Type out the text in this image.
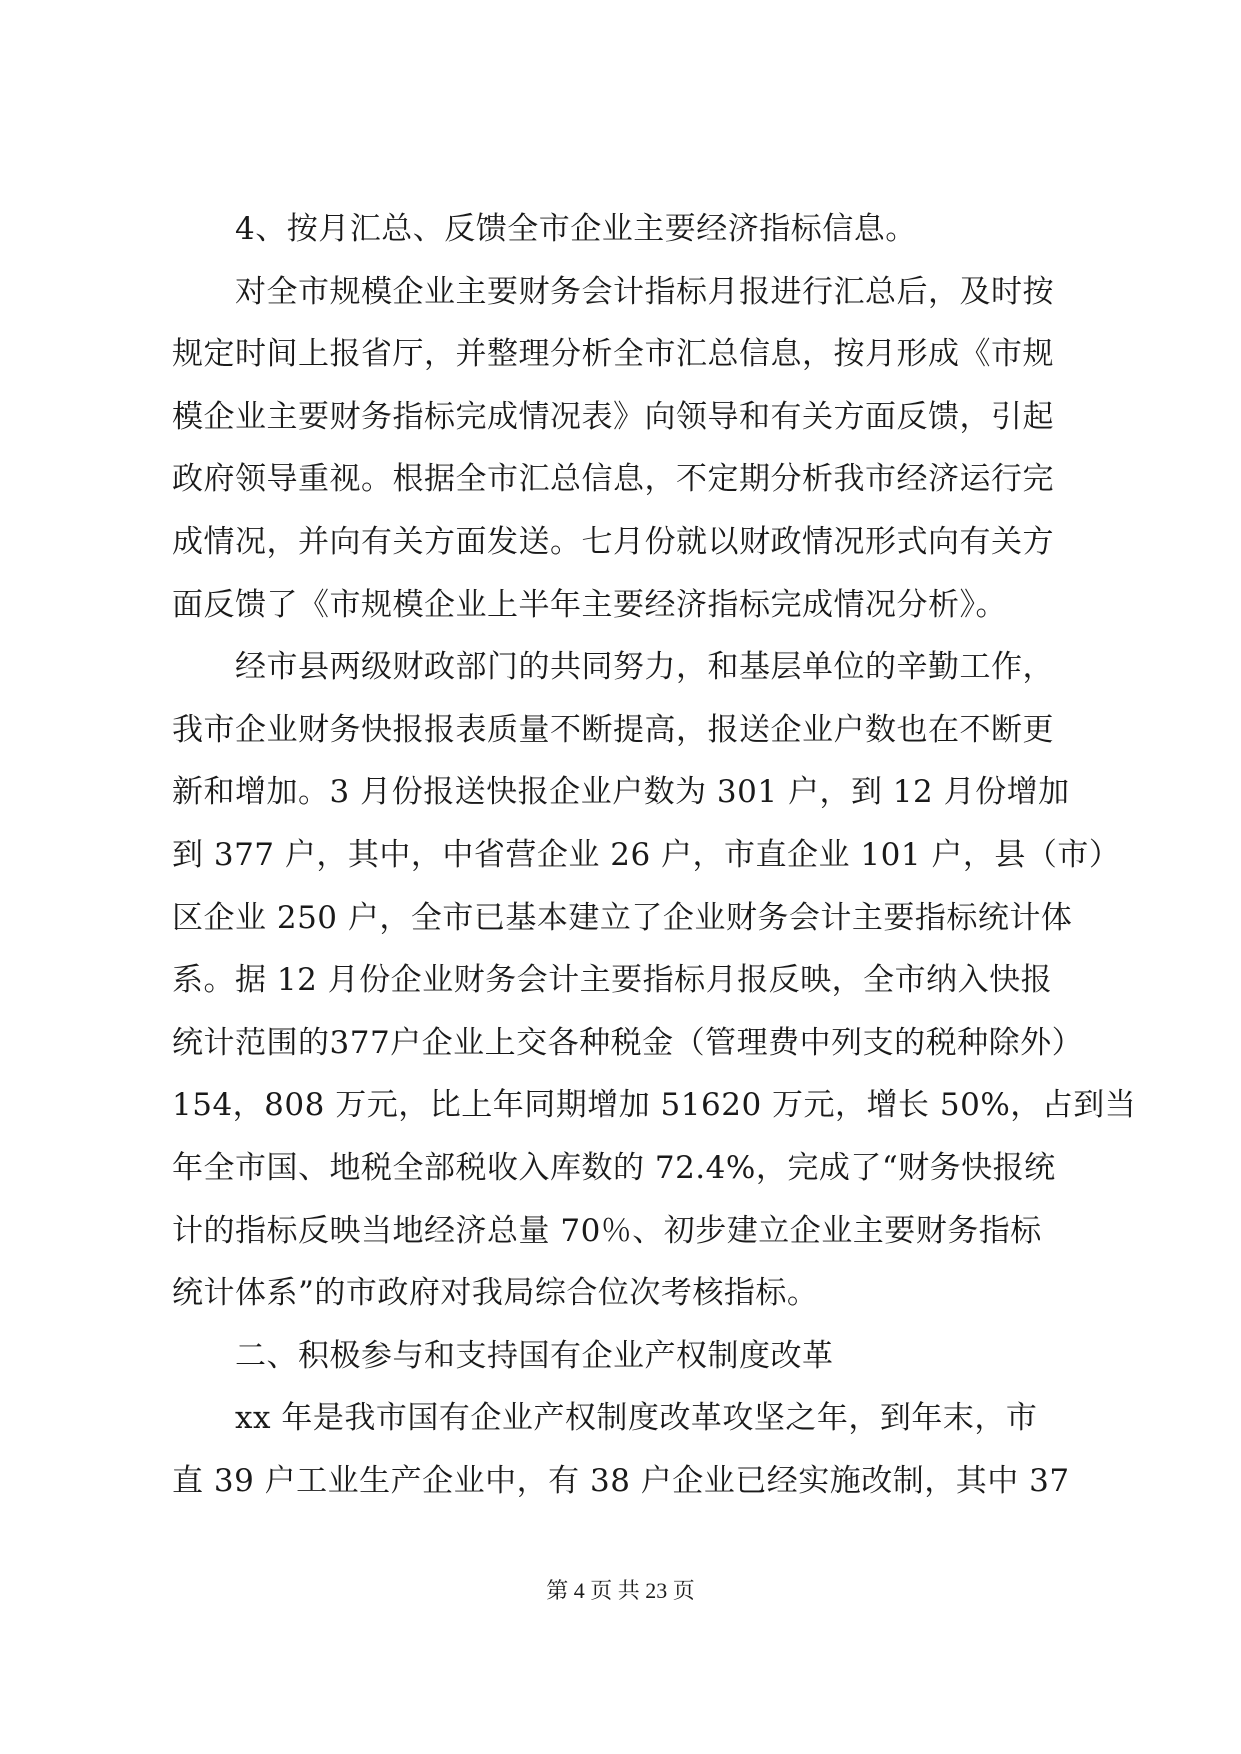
　　4、按月汇总、反馈全市企业主要经济指标信息。
　　对全市规模企业主要财务会计指标月报进行汇总后，及时按
规定时间上报省厅，并整理分析全市汇总信息，按月形成《市规
模企业主要财务指标完成情况表》向领导和有关方面反馈，引起
政府领导重视。根据全市汇总信息，不定期分析我市经济运行完
成情况，并向有关方面发送。七月份就以财政情况形式向有关方
面反馈了《市规模企业上半年主要经济指标完成情况分析》。
　　经市县两级财政部门的共同努力，和基层单位的辛勤工作，
我市企业财务快报报表质量不断提高，报送企业户数也在不断更
新和增加。3 月份报送快报企业户数为 301 户，到 12 月份增加
到 377 户，其中，中省营企业 26 户，市直企业 101 户，县（市）
区企业 250 户，全市已基本建立了企业财务会计主要指标统计体
系。据 12 月份企业财务会计主要指标月报反映，全市纳入快报
统计范围的377户企业上交各种税金（管理费中列支的税种除外）
154，808 万元，比上年同期增加 51620 万元，增长 50%，占到当
年全市国、地税全部税收入库数的 72.4%，完成了“财务快报统
计的指标反映当地经济总量 70％、初步建立企业主要财务指标
统计体系”的市政府对我局综合位次考核指标。
　　二、积极参与和支持国有企业产权制度改革
　　xx 年是我市国有企业产权制度改革攻坚之年，到年末，市
直 39 户工业生产企业中，有 38 户企业已经实施改制，其中 37
第 4 页 共 23 页
